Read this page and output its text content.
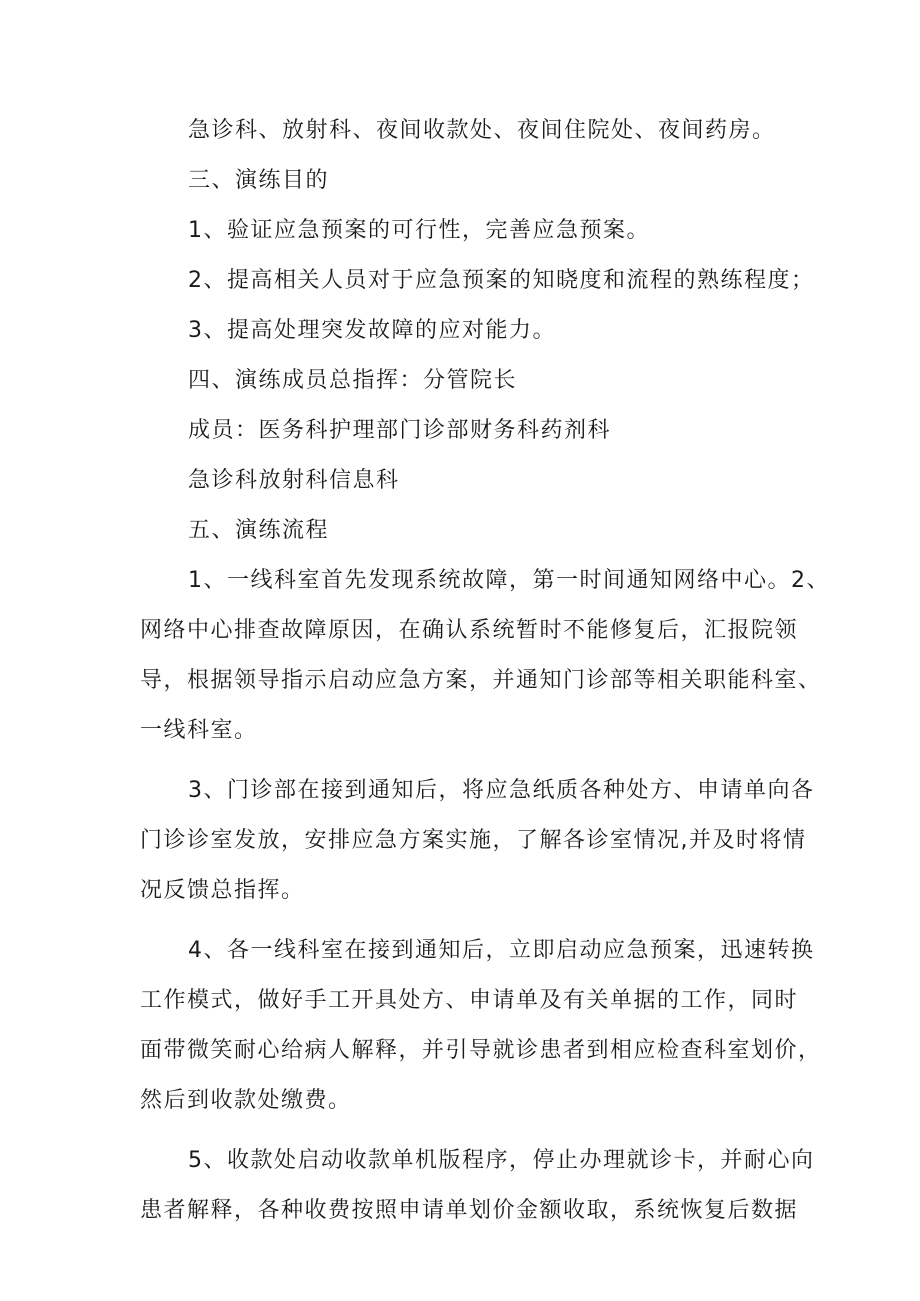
急诊科、放射科、夜间收款处、夜间住院处、夜间药房。
三、演练目的
1、验证应急预案的可行性，完善应急预案。
2、提高相关人员对于应急预案的知晓度和流程的熟练程度；
3、提高处理突发故障的应对能力。
四、演练成员总指挥：分管院长
成员：医务科护理部门诊部财务科药剂科
急诊科放射科信息科
五、演练流程
1、一线科室首先发现系统故障，第一时间通知网络中心。2、
网络中心排查故障原因，在确认系统暂时不能修复后，汇报院领
导，根据领导指示启动应急方案，并通知门诊部等相关职能科室、
一线科室。
3、门诊部在接到通知后，将应急纸质各种处方、申请单向各
门诊诊室发放，安排应急方案实施，了解各诊室情况,并及时将情
况反馈总指挥。
4、各一线科室在接到通知后，立即启动应急预案，迅速转换
工作模式，做好手工开具处方、申请单及有关单据的工作，同时
面带微笑耐心给病人解释，并引导就诊患者到相应检查科室划价，
然后到收款处缴费。
5、收款处启动收款单机版程序，停止办理就诊卡，并耐心向
患者解释，各种收费按照申请单划价金额收取，系统恢复后数据
